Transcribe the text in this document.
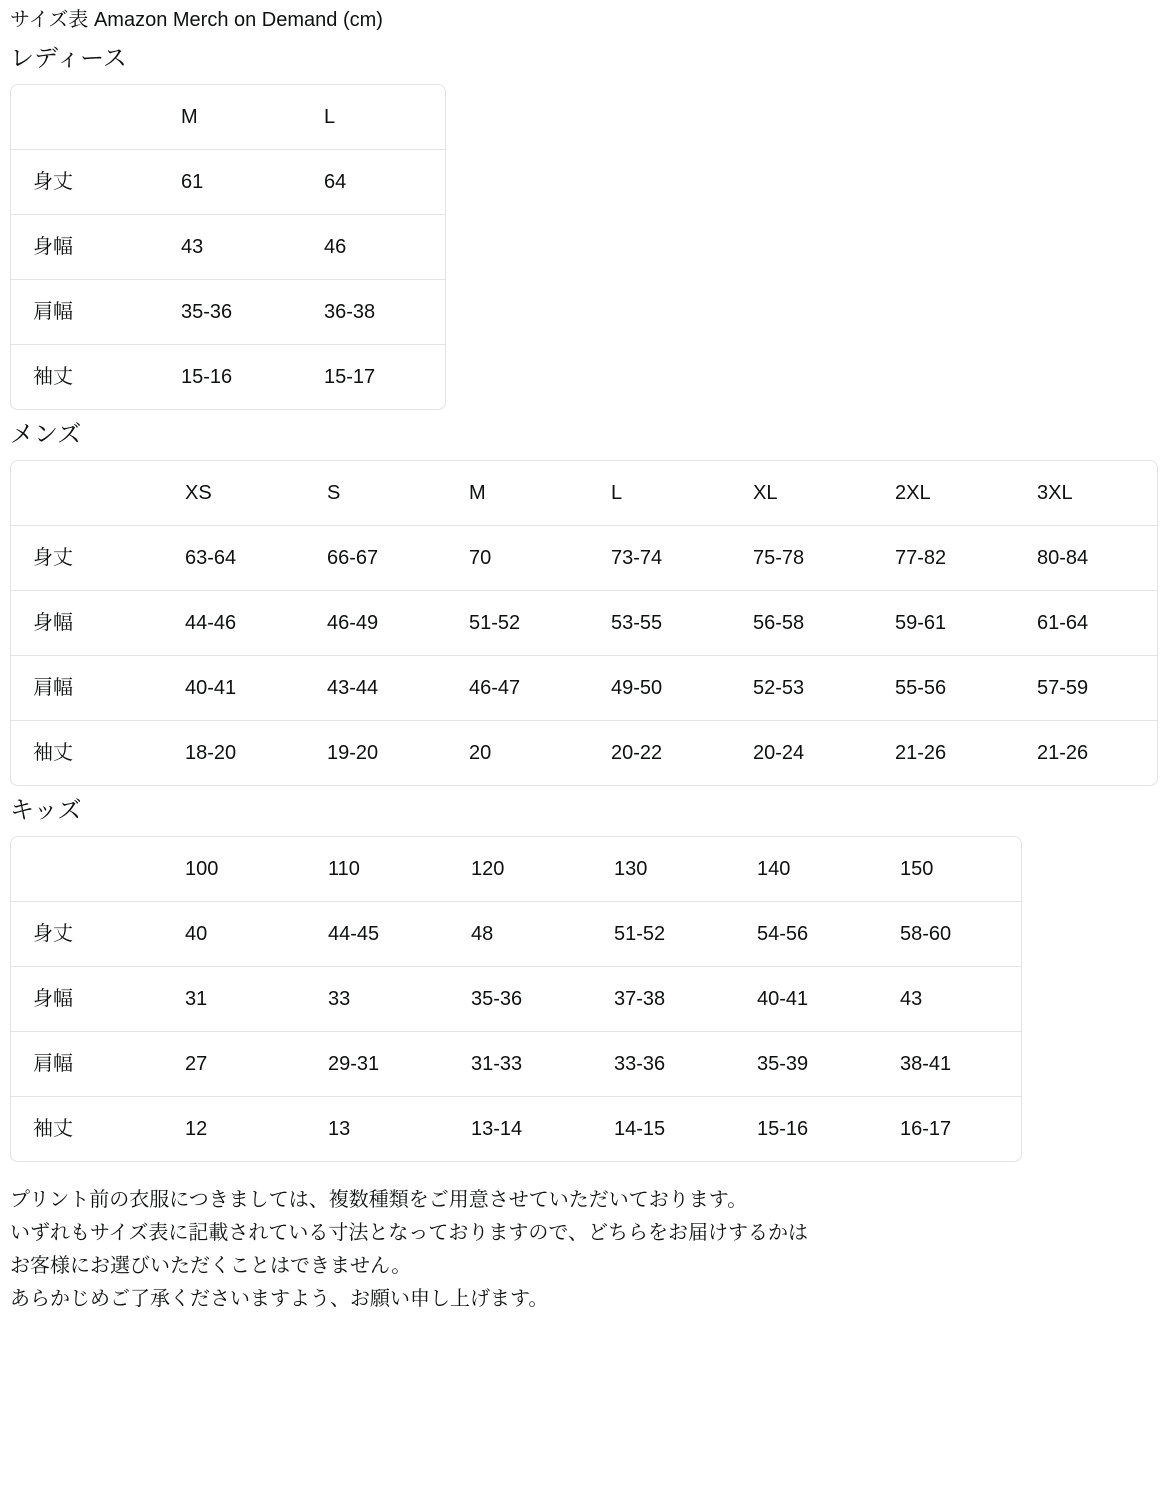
サイズ表 Amazon Merch on Demand (cm)
レディース
	M	L
身丈	61	64
身幅	43	46
肩幅	35-36	36-38
袖丈	15-16	15-17
メンズ
	XS	S	M	L	XL	2XL	3XL
身丈	63-64	66-67	70	73-74	75-78	77-82	80-84
身幅	44-46	46-49	51-52	53-55	56-58	59-61	61-64
肩幅	40-41	43-44	46-47	49-50	52-53	55-56	57-59
袖丈	18-20	19-20	20	20-22	20-24	21-26	21-26
キッズ
	100	110	120	130	140	150
身丈	40	44-45	48	51-52	54-56	58-60
身幅	31	33	35-36	37-38	40-41	43
肩幅	27	29-31	31-33	33-36	35-39	38-41
袖丈	12	13	13-14	14-15	15-16	16-17
プリント前の衣服につきましては、複数種類をご用意させていただいております。
いずれもサイズ表に記載されている寸法となっておりますので、どちらをお届けするかは
お客様にお選びいただくことはできません。
あらかじめご了承くださいますよう、お願い申し上げます。
